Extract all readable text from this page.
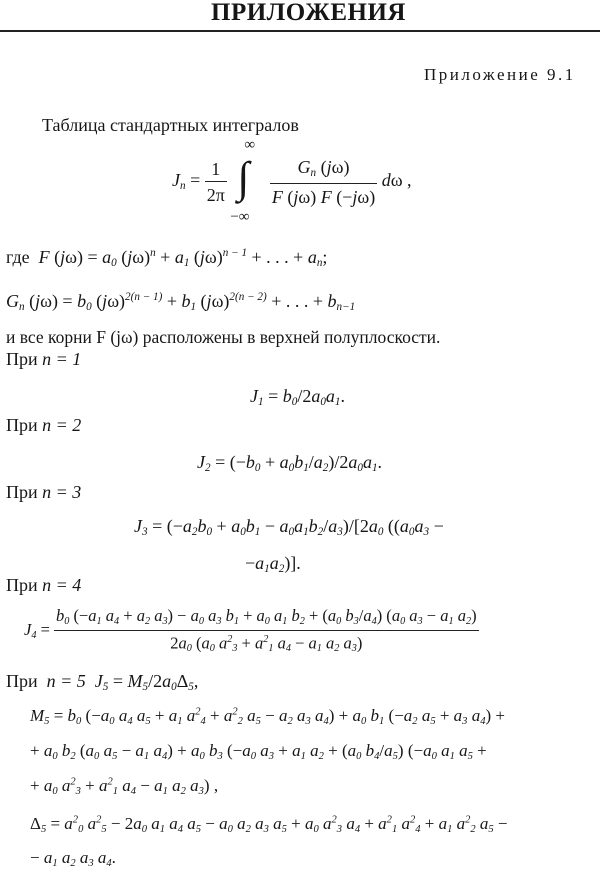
ПРИЛОЖЕНИЯ
Приложение 9.1
Таблица стандартных интегралов
$Jn = \frac{1}{2\pi}$

∞
∫
−∞

$\frac{Gn (j\omega)}{F (j\omega) F (-j\omega)}$ dω ,
где F (jω) = a0 $(j\omega)^n + a1$ $(j\omega)^{n - 1}$ + . . . + an;
Gn (jω) = b0 $(j\omega)^{2(n - 1)} + b1$ $(j\omega)^{2(n - 2)}$ + . . . + bn−1
и все корни F (jω) расположены в верхней полуплоскости.
При n = 1
J1 = b0/2a0a1.
При n = 2
J2 = (−b0 + a0b1/a2)/2a0a1.
При n = 3
J3 = (−a2b0 + a0b1 − a0a1b2/a3)/[2a0 ((a0a3 −
−a1a2)].
При n = 4
J4 =
b0 (−a1 a4 + a2 a3) − a0 a3 b1 + a0 a1 b2 + (a0 b3/a4) (a0 a3 − a1 a2)
2a0 (a0 $a^23 + a^21$ a4 − a1 a2 a3)
При n = 5 J5 = M5/2a0Δ5,
M5 = b0 (−a0 a4 a5 + a1 $a^24 + a^22$ a5 − a2 a3 a4) + a0 b1 (−a2 a5 + a3 a4) +
+ a0 b2 (a0 a5 − a1 a4) + a0 b3 (−a0 a3 + a1 a2 + (a0 b4/a5) (−a0 a1 a5 +
+ a0 $a^23 + a^21$ a4 − a1 a2 a3) ,
$\Delta 5 = a^20$ $a^25 - 2a0$ a1 a4 a5 − a0 a2 a3 a5 + a0 $a^23$ $a4 + a^21$ $a^24 + a1$ $a^22$ a5 −
− a1 a2 a3 a4.
